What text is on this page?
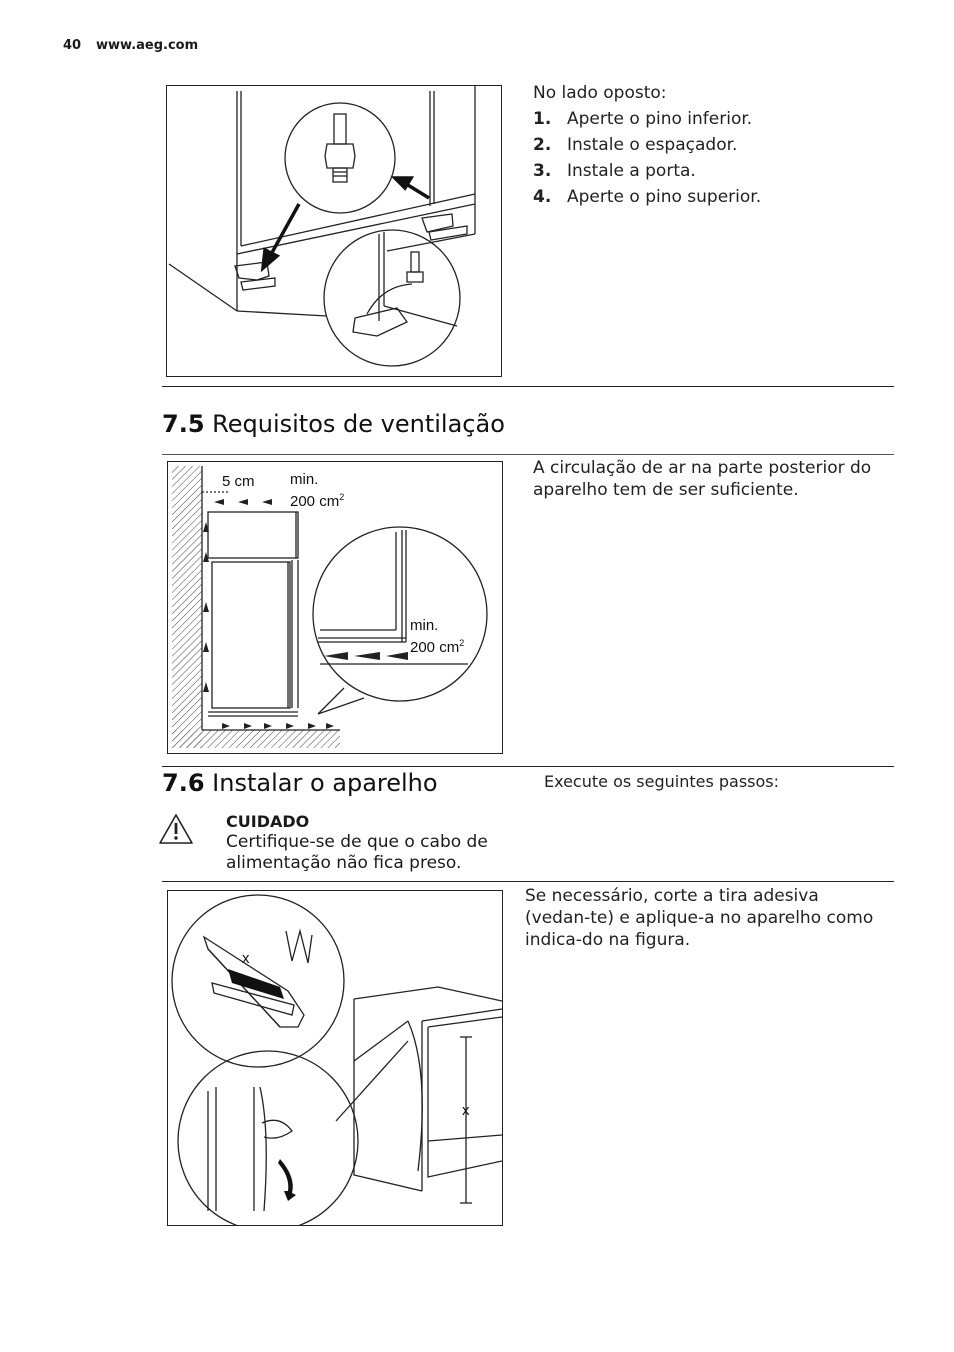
40 www.aeg.com
No lado oposto:
1. Aperte o pino inferior.
2. Instale o espaçador.
3. Instale a porta.
4. Aperte o pino superior.
7.5 Requisitos de ventilação
5 cm min.
200 $cm^2$
min.
200 $cm^2$
A circulação de ar na parte posterior do aparelho tem de ser suficiente.
7.6 Instalar o aparelho	Execute os seguintes passos:
CUIDADO
Certifique-se de que o cabo de alimentação não fica preso.
x
x
Se necessário, corte a tira adesiva (vedan-te) e aplique-a no aparelho como indica-do na figura.
